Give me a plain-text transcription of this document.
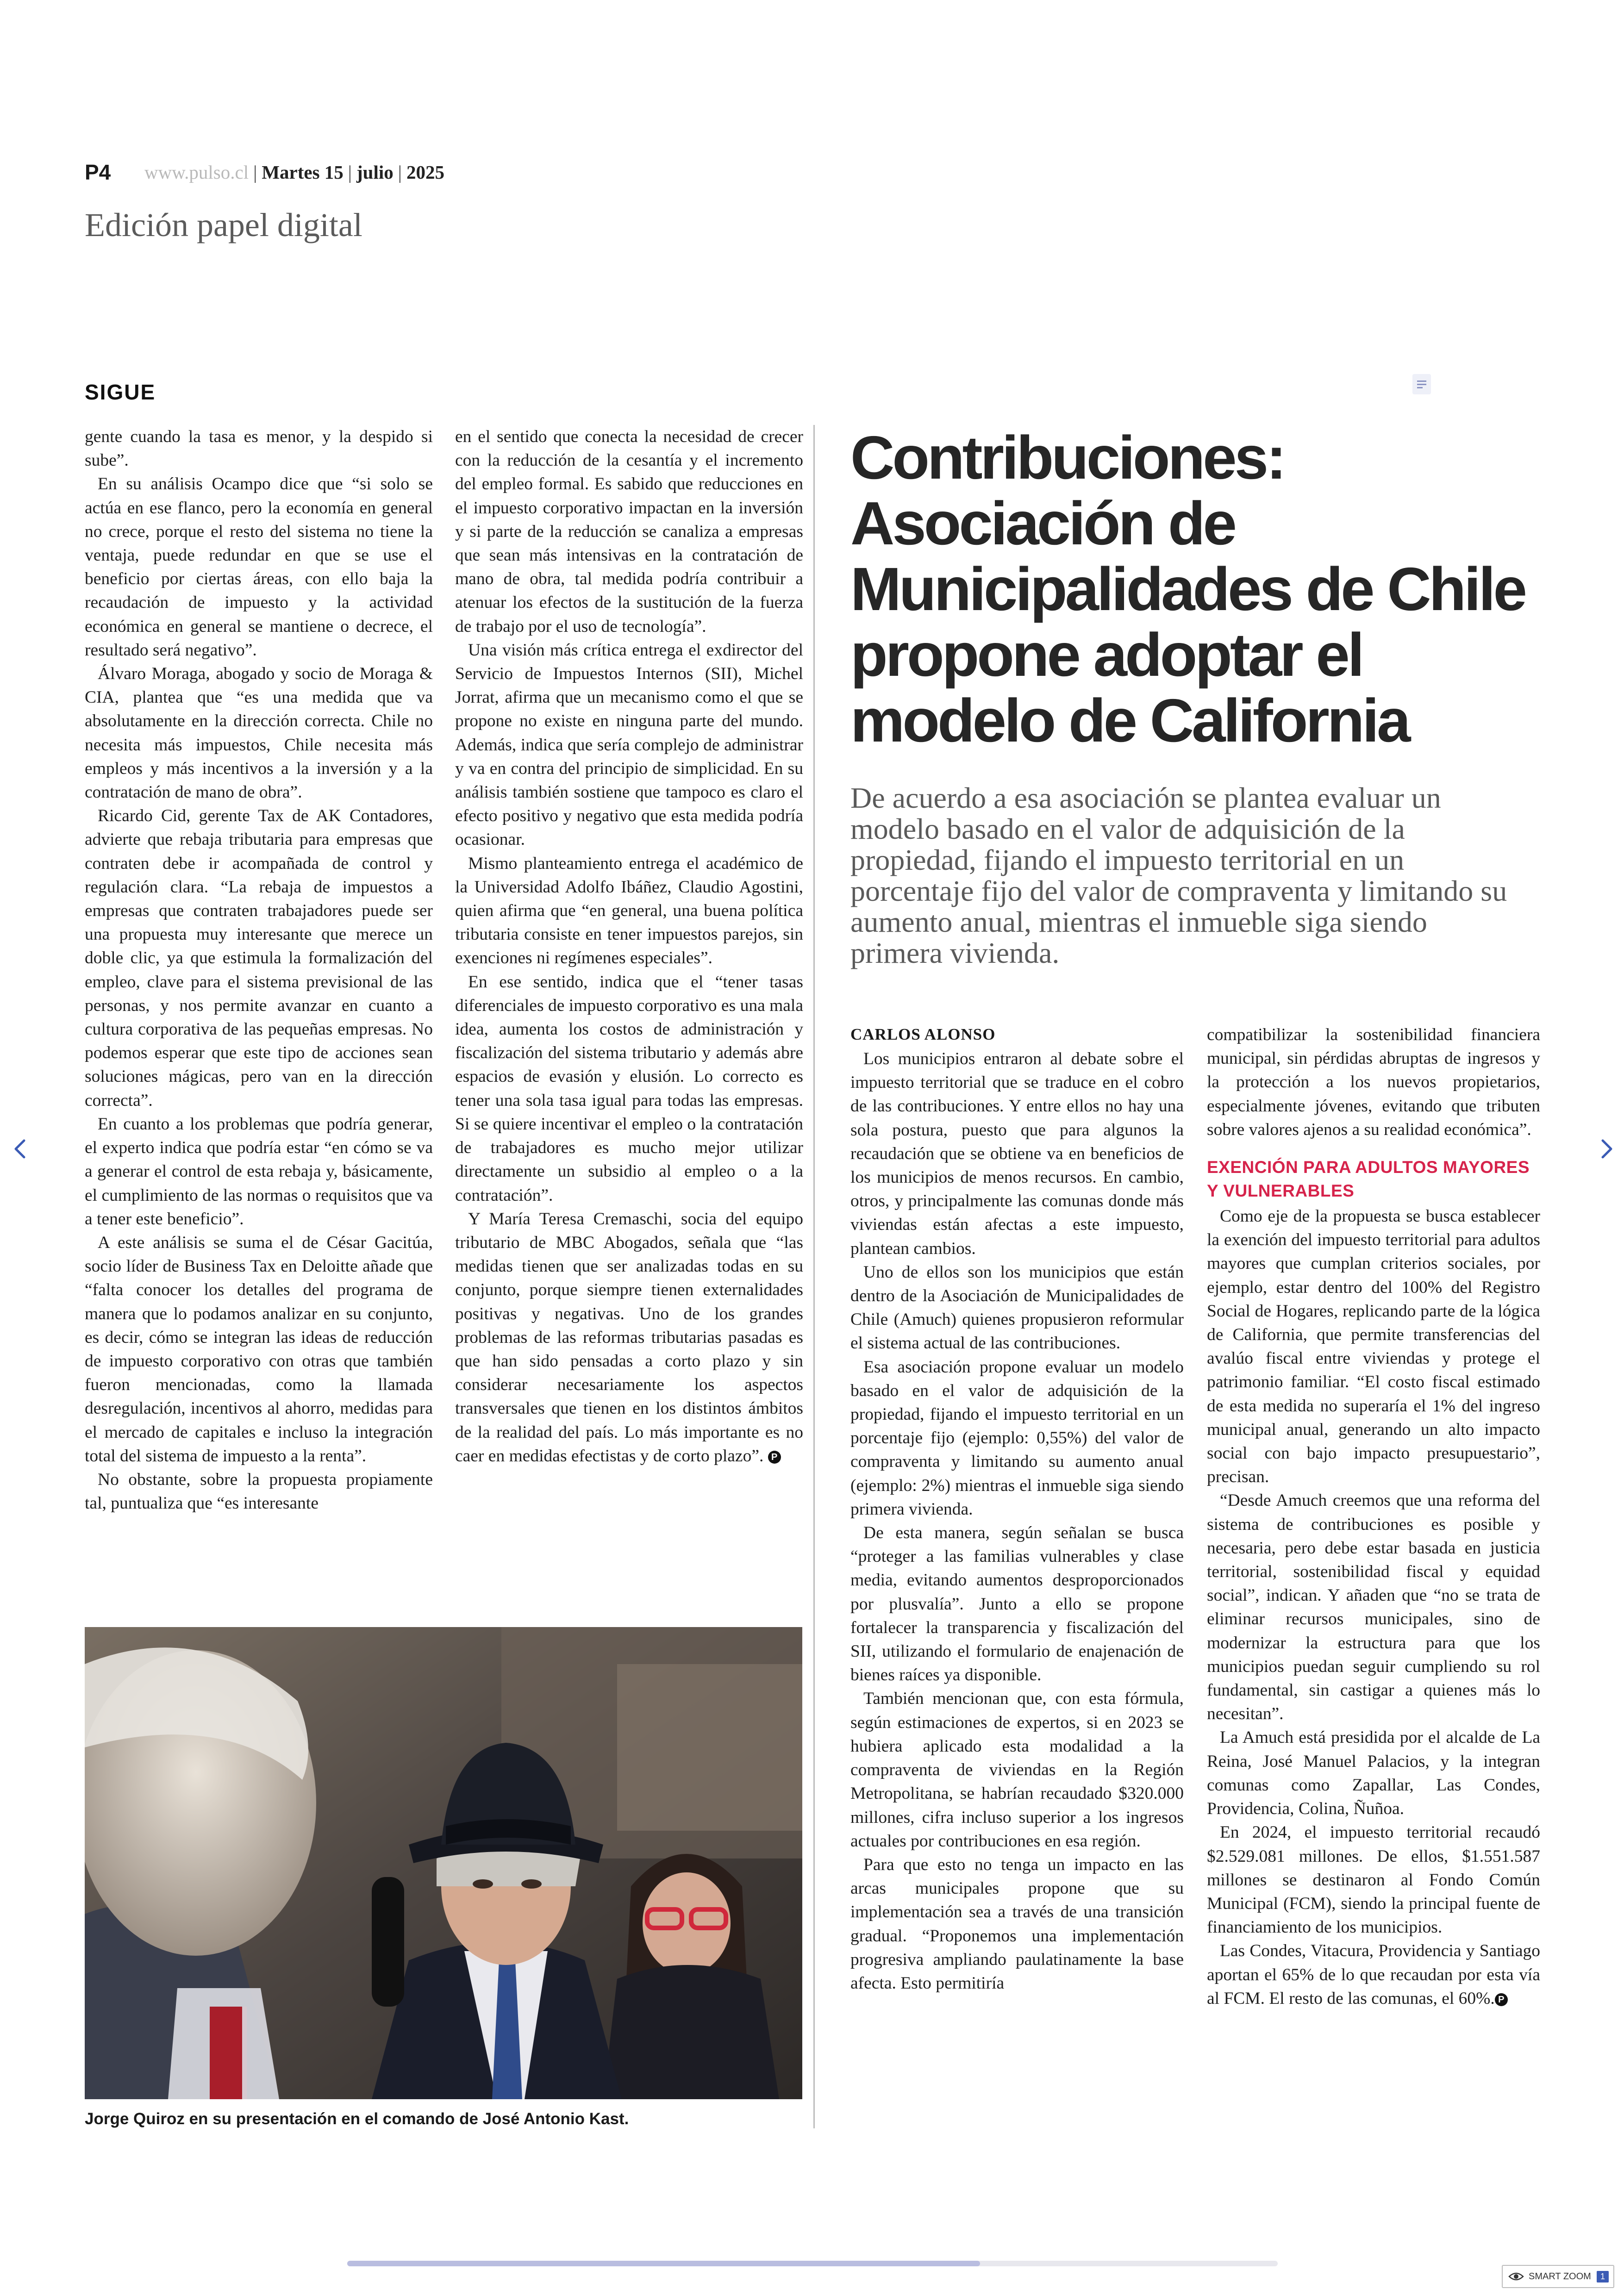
P4 www.pulso.cl | Martes 15 | julio | 2025
Edición papel digital
SIGUE

gente cuando la tasa es menor, y la despido si sube”.

En su análisis Ocampo dice que “si solo se actúa en ese flanco, pero la economía en general no crece, porque el resto del sistema no tiene la ventaja, puede redundar en que se use el beneficio por ciertas áreas, con ello baja la recaudación de impuesto y la actividad económica en general se mantiene o decrece, el resultado será negativo”.

Álvaro Moraga, abogado y socio de Moraga & CIA, plantea que “es una medida que va absolutamente en la dirección correcta. Chile no necesita más impuestos, Chile necesita más empleos y más incentivos a la inversión y a la contratación de mano de obra”.

Ricardo Cid, gerente Tax de AK Contadores, advierte que rebaja tributaria para empresas que contraten debe ir acompañada de control y regulación clara. “La rebaja de impuestos a empresas que contraten trabajadores puede ser una propuesta muy interesante que merece un doble clic, ya que estimula la formalización del empleo, clave para el sistema previsional de las personas, y nos permite avanzar en cuanto a cultura corporativa de las pequeñas empresas. No podemos esperar que este tipo de acciones sean soluciones mágicas, pero van en la dirección correcta”.

En cuanto a los problemas que podría generar, el experto indica que podría estar “en cómo se va a generar el control de esta rebaja y, básicamente, el cumplimiento de las normas o requisitos que va a tener este beneficio”.

A este análisis se suma el de César Gacitúa, socio líder de Business Tax en Deloitte añade que “falta conocer los detalles del programa de manera que lo podamos analizar en su conjunto, es decir, cómo se integran las ideas de reducción de impuesto corporativo con otras que también fueron mencionadas, como la llamada desregulación, incentivos al ahorro, medidas para el mercado de capitales e incluso la integración total del sistema de impuesto a la renta”.

No obstante, sobre la propuesta propiamente tal, puntualiza que “es interesante

en el sentido que conecta la necesidad de crecer con la reducción de la cesantía y el incremento del empleo formal. Es sabido que reducciones en el impuesto corporativo impactan en la inversión y si parte de la reducción se canaliza a empresas que sean más intensivas en la contratación de mano de obra, tal medida podría contribuir a atenuar los efectos de la sustitución de la fuerza de trabajo por el uso de tecnología”.

Una visión más crítica entrega el exdirector del Servicio de Impuestos Internos (SII), Michel Jorrat, afirma que un mecanismo como el que se propone no existe en ninguna parte del mundo. Además, indica que sería complejo de administrar y va en contra del principio de simplicidad. En su análisis también sostiene que tampoco es claro el efecto positivo y negativo que esta medida podría ocasionar.

Mismo planteamiento entrega el académico de la Universidad Adolfo Ibáñez, Claudio Agostini, quien afirma que “en general, una buena política tributaria consiste en tener impuestos parejos, sin exenciones ni regímenes especiales”.

En ese sentido, indica que el “tener tasas diferenciales de impuesto corporativo es una mala idea, aumenta los costos de administración y fiscalización del sistema tributario y además abre espacios de evasión y elusión. Lo correcto es tener una sola tasa igual para todas las empresas. Si se quiere incentivar el empleo o la contratación de trabajadores es mucho mejor utilizar directamente un subsidio al empleo o a la contratación”.

Y María Teresa Cremaschi, socia del equipo tributario de MBC Abogados, señala que “las medidas tienen que ser analizadas todas en su conjunto, porque siempre tienen externalidades positivas y negativas. Uno de los grandes problemas de las reformas tributarias pasadas es que han sido pensadas a corto plazo y sin considerar necesariamente los aspectos transversales que tienen en los distintos ámbitos de la realidad del país. Lo más importante es no caer en medidas efectistas y de corto plazo”. P

Jorge Quiroz en su presentación en el comando de José Antonio Kast.
Contribuciones: Asociación de Municipalidades de Chile propone adoptar el modelo de California
De acuerdo a esa asociación se plantea evaluar un modelo basado en el valor de adquisición de la propiedad, fijando el impuesto territorial en un porcentaje fijo del valor de compraventa y limitando su aumento anual, mientras el inmueble siga siendo primera vivienda.
CARLOS ALONSO

Los municipios entraron al debate sobre el impuesto territorial que se traduce en el cobro de las contribuciones. Y entre ellos no hay una sola postura, puesto que para algunos la recaudación que se obtiene va en beneficios de los municipios de menos recursos. En cambio, otros, y principalmente las comunas donde más viviendas están afectas a este impuesto, plantean cambios.

Uno de ellos son los municipios que están dentro de la Asociación de Municipalidades de Chile (Amuch) quienes propusieron reformular el sistema actual de las contribuciones.

Esa asociación propone evaluar un modelo basado en el valor de adquisición de la propiedad, fijando el impuesto territorial en un porcentaje fijo (ejemplo: 0,55%) del valor de compraventa y limitando su aumento anual (ejemplo: 2%) mientras el inmueble siga siendo primera vivienda.

De esta manera, según señalan se busca “proteger a las familias vulnerables y clase media, evitando aumentos desproporcionados por plusvalía”. Junto a ello se propone fortalecer la transparencia y fiscalización del SII, utilizando el formulario de enajenación de bienes raíces ya disponible.

También mencionan que, con esta fórmula, según estimaciones de expertos, si en 2023 se hubiera aplicado esta modalidad a la compraventa de viviendas en la Región Metropolitana, se habrían recaudado $320.000 millones, cifra incluso superior a los ingresos actuales por contribuciones en esa región.

Para que esto no tenga un impacto en las arcas municipales propone que su implementación sea a través de una transición gradual. “Proponemos una implementación progresiva ampliando paulatinamente la base afecta. Esto permitiría

compatibilizar la sostenibilidad financiera municipal, sin pérdidas abruptas de ingresos y la protección a los nuevos propietarios, especialmente jóvenes, evitando que tributen sobre valores ajenos a su realidad económica”.

EXENCIÓN PARA ADULTOS MAYORES Y VULNERABLES

Como eje de la propuesta se busca establecer la exención del impuesto territorial para adultos mayores que cumplan criterios sociales, por ejemplo, estar dentro del 100% del Registro Social de Hogares, replicando parte de la lógica de California, que permite transferencias del avalúo fiscal entre viviendas y protege el patrimonio familiar. “El costo fiscal estimado de esta medida no superaría el 1% del ingreso municipal anual, generando un alto impacto social con bajo impacto presupuestario”, precisan.

“Desde Amuch creemos que una reforma del sistema de contribuciones es posible y necesaria, pero debe estar basada en justicia territorial, sostenibilidad fiscal y equidad social”, indican. Y añaden que “no se trata de eliminar recursos municipales, sino de modernizar la estructura para que los municipios puedan seguir cumpliendo su rol fundamental, sin castigar a quienes más lo necesitan”.

La Amuch está presidida por el alcalde de La Reina, José Manuel Palacios, y la integran comunas como Zapallar, Las Condes, Providencia, Colina, Ñuñoa.

En 2024, el impuesto territorial recaudó $2.529.081 millones. De ellos, $1.551.587 millones se destinaron al Fondo Común Municipal (FCM), siendo la principal fuente de financiamiento de los municipios.

Las Condes, Vitacura, Providencia y Santiago aportan el 65% de lo que recaudan por esta vía al FCM. El resto de las comunas, el 60%. P

SMART ZOOM	1
